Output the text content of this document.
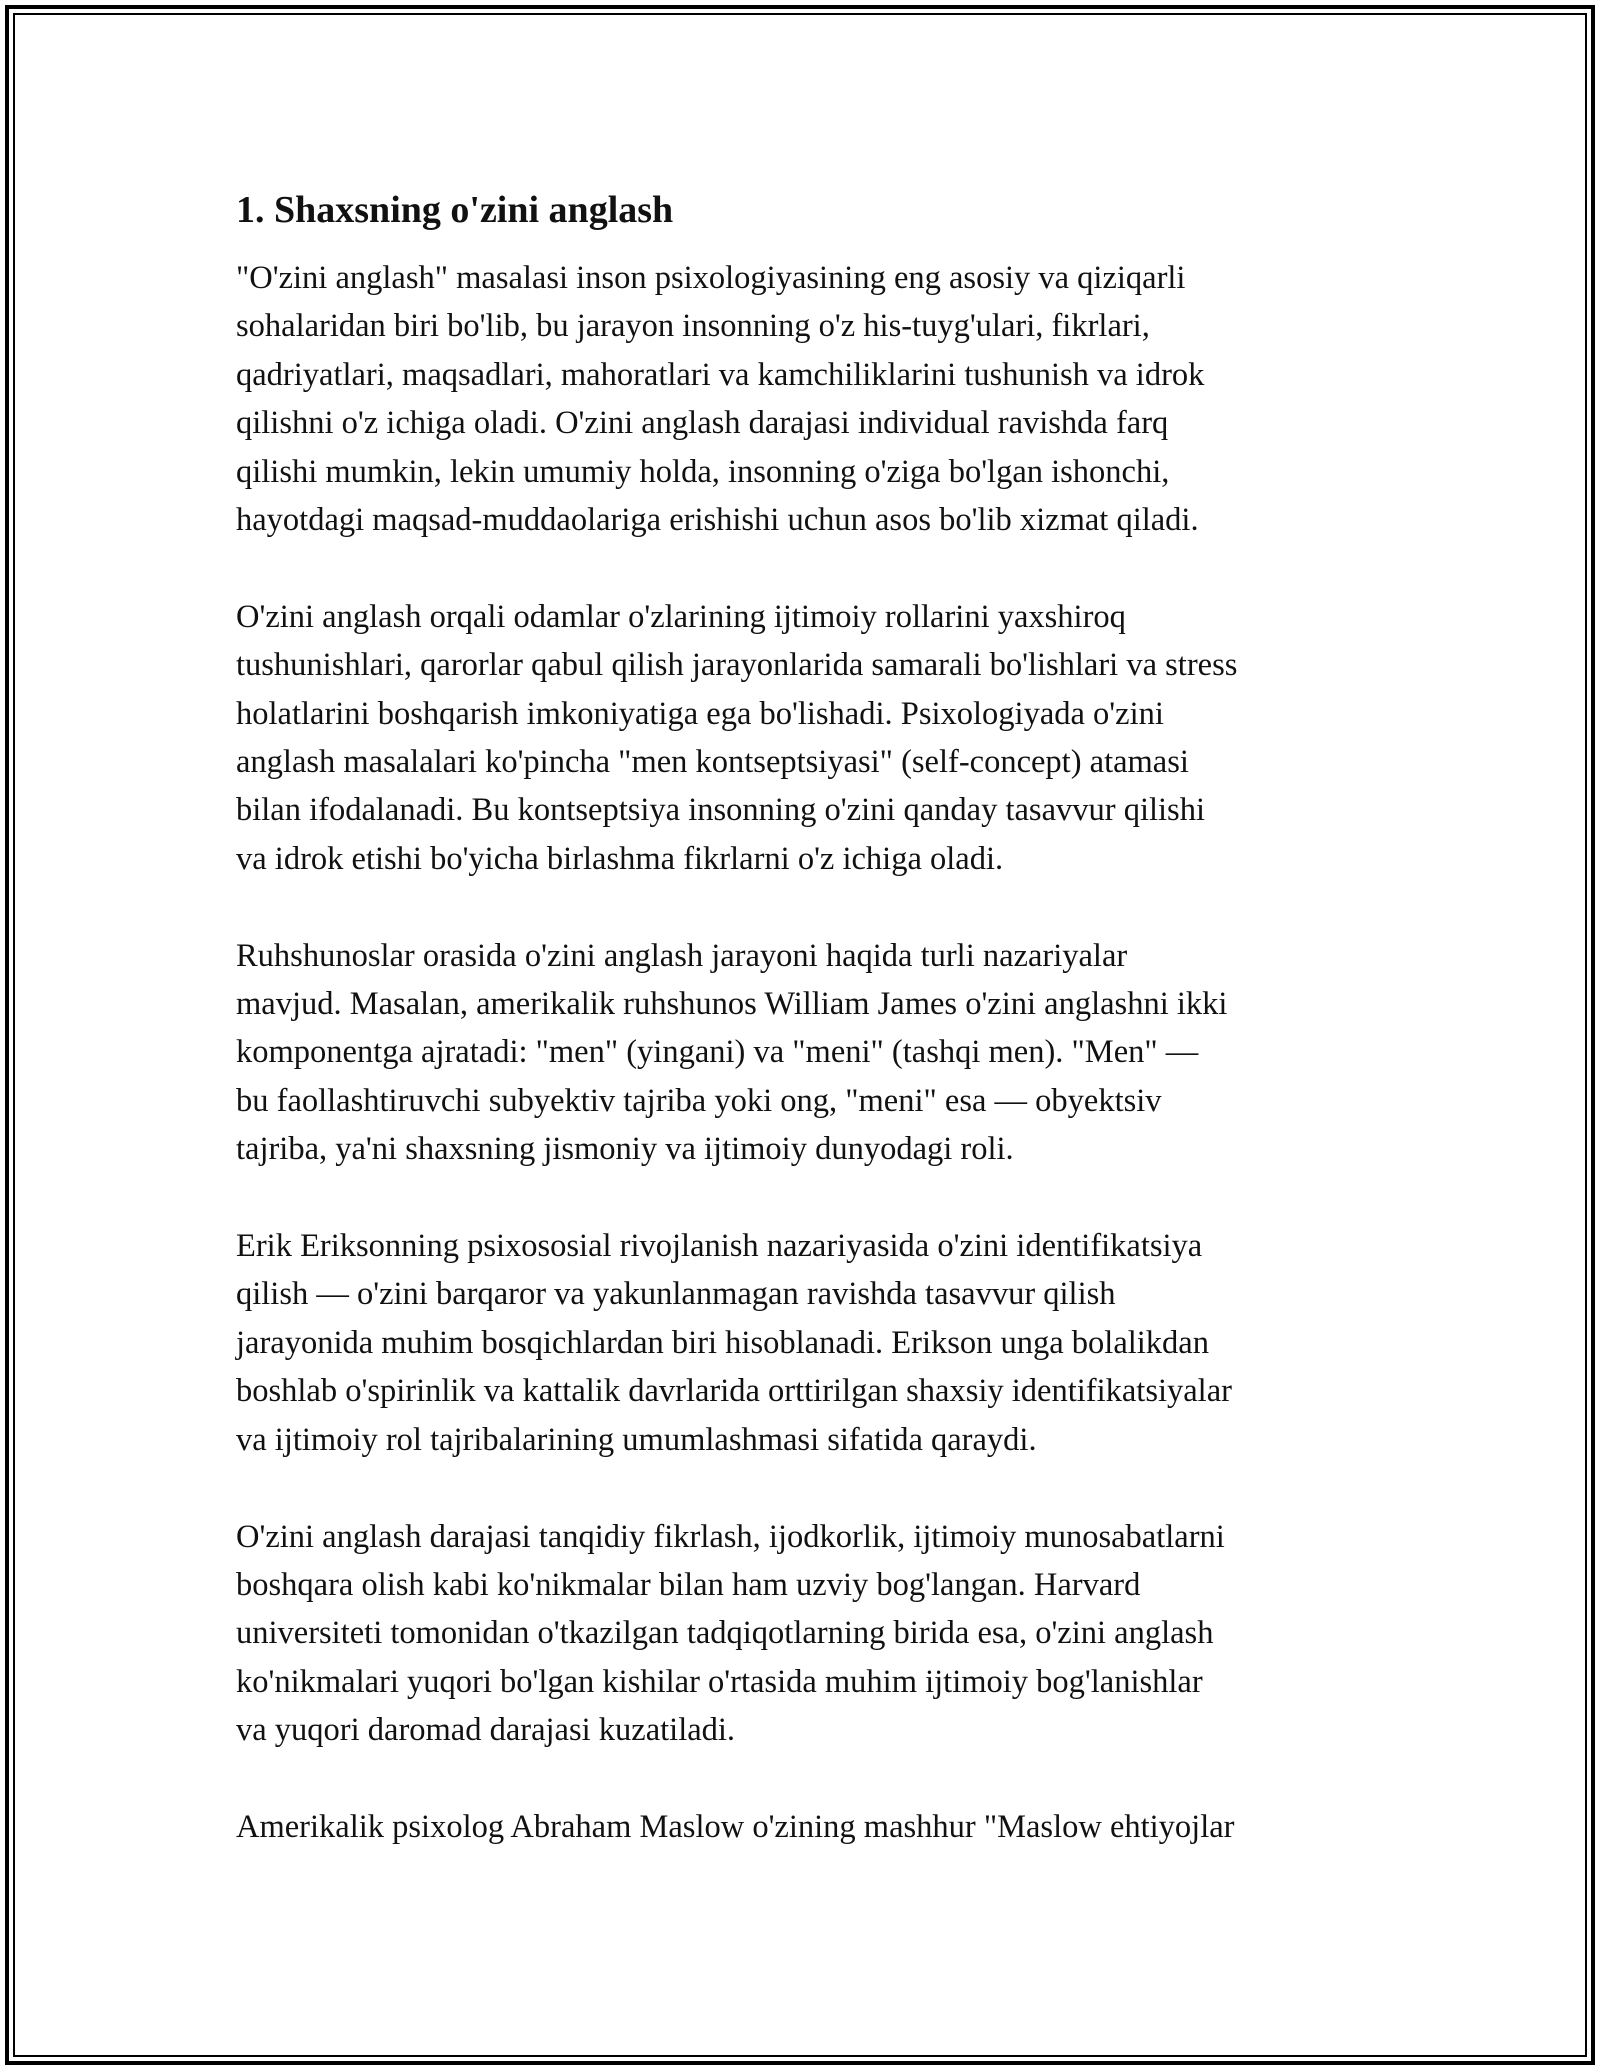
1. Shaxsning o'zini anglash
"O'zini anglash" masalasi inson psixologiyasining eng asosiy va qiziqarli
sohalaridan biri bo'lib, bu jarayon insonning o'z his-tuyg'ulari, fikrlari,
qadriyatlari, maqsadlari, mahoratlari va kamchiliklarini tushunish va idrok
qilishni o'z ichiga oladi. O'zini anglash darajasi individual ravishda farq
qilishi mumkin, lekin umumiy holda, insonning o'ziga bo'lgan ishonchi,
hayotdagi maqsad-muddaolariga erishishi uchun asos bo'lib xizmat qiladi.
O'zini anglash orqali odamlar o'zlarining ijtimoiy rollarini yaxshiroq
tushunishlari, qarorlar qabul qilish jarayonlarida samarali bo'lishlari va stress
holatlarini boshqarish imkoniyatiga ega bo'lishadi. Psixologiyada o'zini
anglash masalalari ko'pincha "men kontseptsiyasi" (self-concept) atamasi
bilan ifodalanadi. Bu kontseptsiya insonning o'zini qanday tasavvur qilishi
va idrok etishi bo'yicha birlashma fikrlarni o'z ichiga oladi.
Ruhshunoslar orasida o'zini anglash jarayoni haqida turli nazariyalar
mavjud. Masalan, amerikalik ruhshunos William James o'zini anglashni ikki
komponentga ajratadi: "men" (yingani) va "meni" (tashqi men). "Men" —
bu faollashtiruvchi subyektiv tajriba yoki ong, "meni" esa — obyektsiv
tajriba, ya'ni shaxsning jismoniy va ijtimoiy dunyodagi roli.
Erik Eriksonning psixososial rivojlanish nazariyasida o'zini identifikatsiya
qilish — o'zini barqaror va yakunlanmagan ravishda tasavvur qilish
jarayonida muhim bosqichlardan biri hisoblanadi. Erikson unga bolalikdan
boshlab o'spirinlik va kattalik davrlarida orttirilgan shaxsiy identifikatsiyalar
va ijtimoiy rol tajribalarining umumlashmasi sifatida qaraydi.
O'zini anglash darajasi tanqidiy fikrlash, ijodkorlik, ijtimoiy munosabatlarni
boshqara olish kabi ko'nikmalar bilan ham uzviy bog'langan. Harvard
universiteti tomonidan o'tkazilgan tadqiqotlarning birida esa, o'zini anglash
ko'nikmalari yuqori bo'lgan kishilar o'rtasida muhim ijtimoiy bog'lanishlar
va yuqori daromad darajasi kuzatiladi.
Amerikalik psixolog Abraham Maslow o'zining mashhur "Maslow ehtiyojlar
